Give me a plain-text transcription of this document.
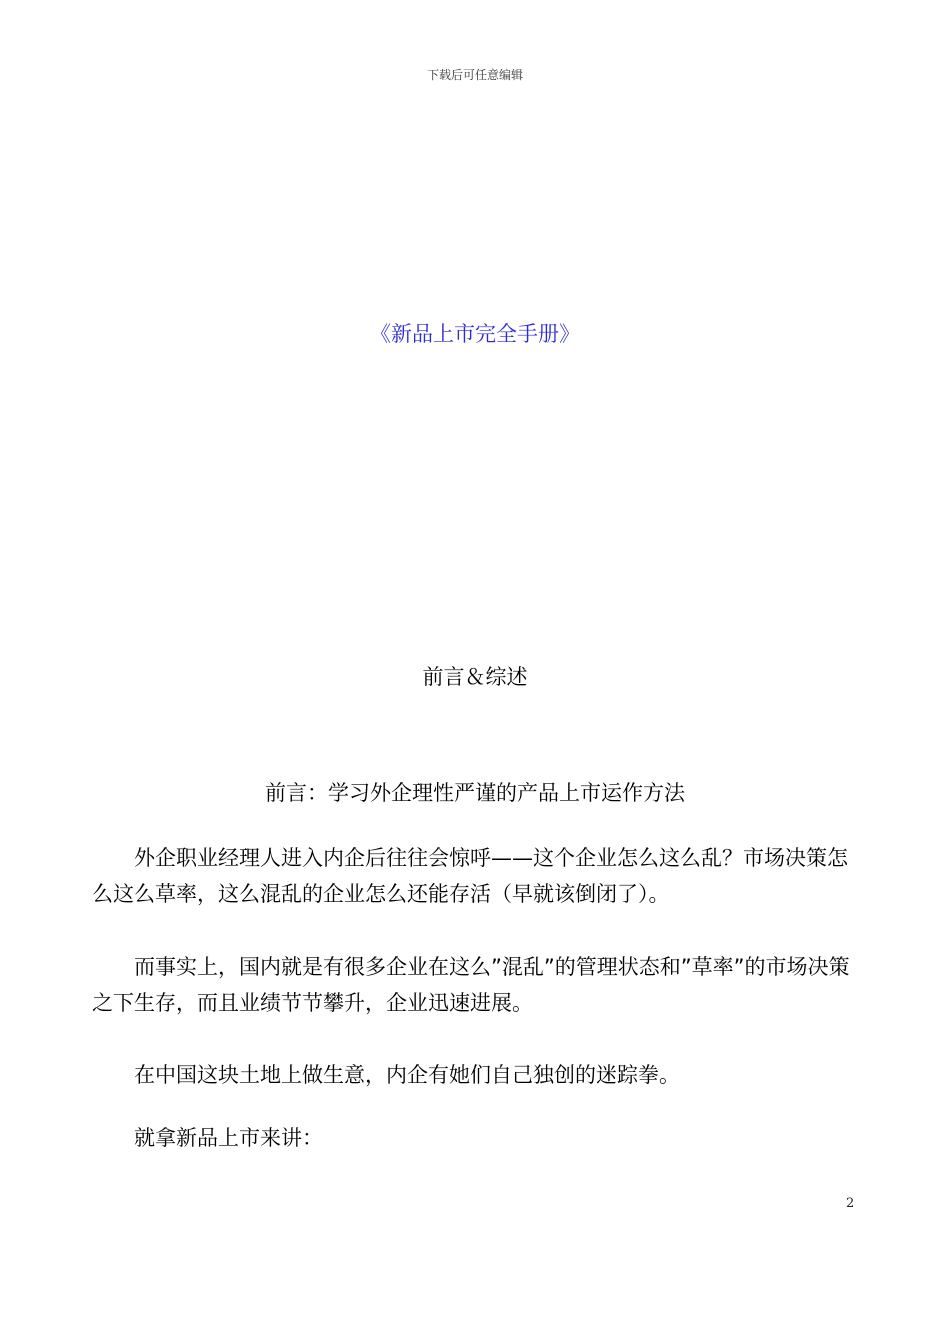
下载后可任意编辑
《新品上市完全手册》
前言＆综述
前言：学习外企理性严谨的产品上市运作方法
外企职业经理人进入内企后往往会惊呼——这个企业怎么这么乱？市场决策怎么这么草率，这么混乱的企业怎么还能存活（早就该倒闭了）。
而事实上，国内就是有很多企业在这么”混乱”的管理状态和”草率”的市场决策之下生存，而且业绩节节攀升，企业迅速进展。
在中国这块土地上做生意，内企有她们自己独创的迷踪拳。
就拿新品上市来讲：
2
